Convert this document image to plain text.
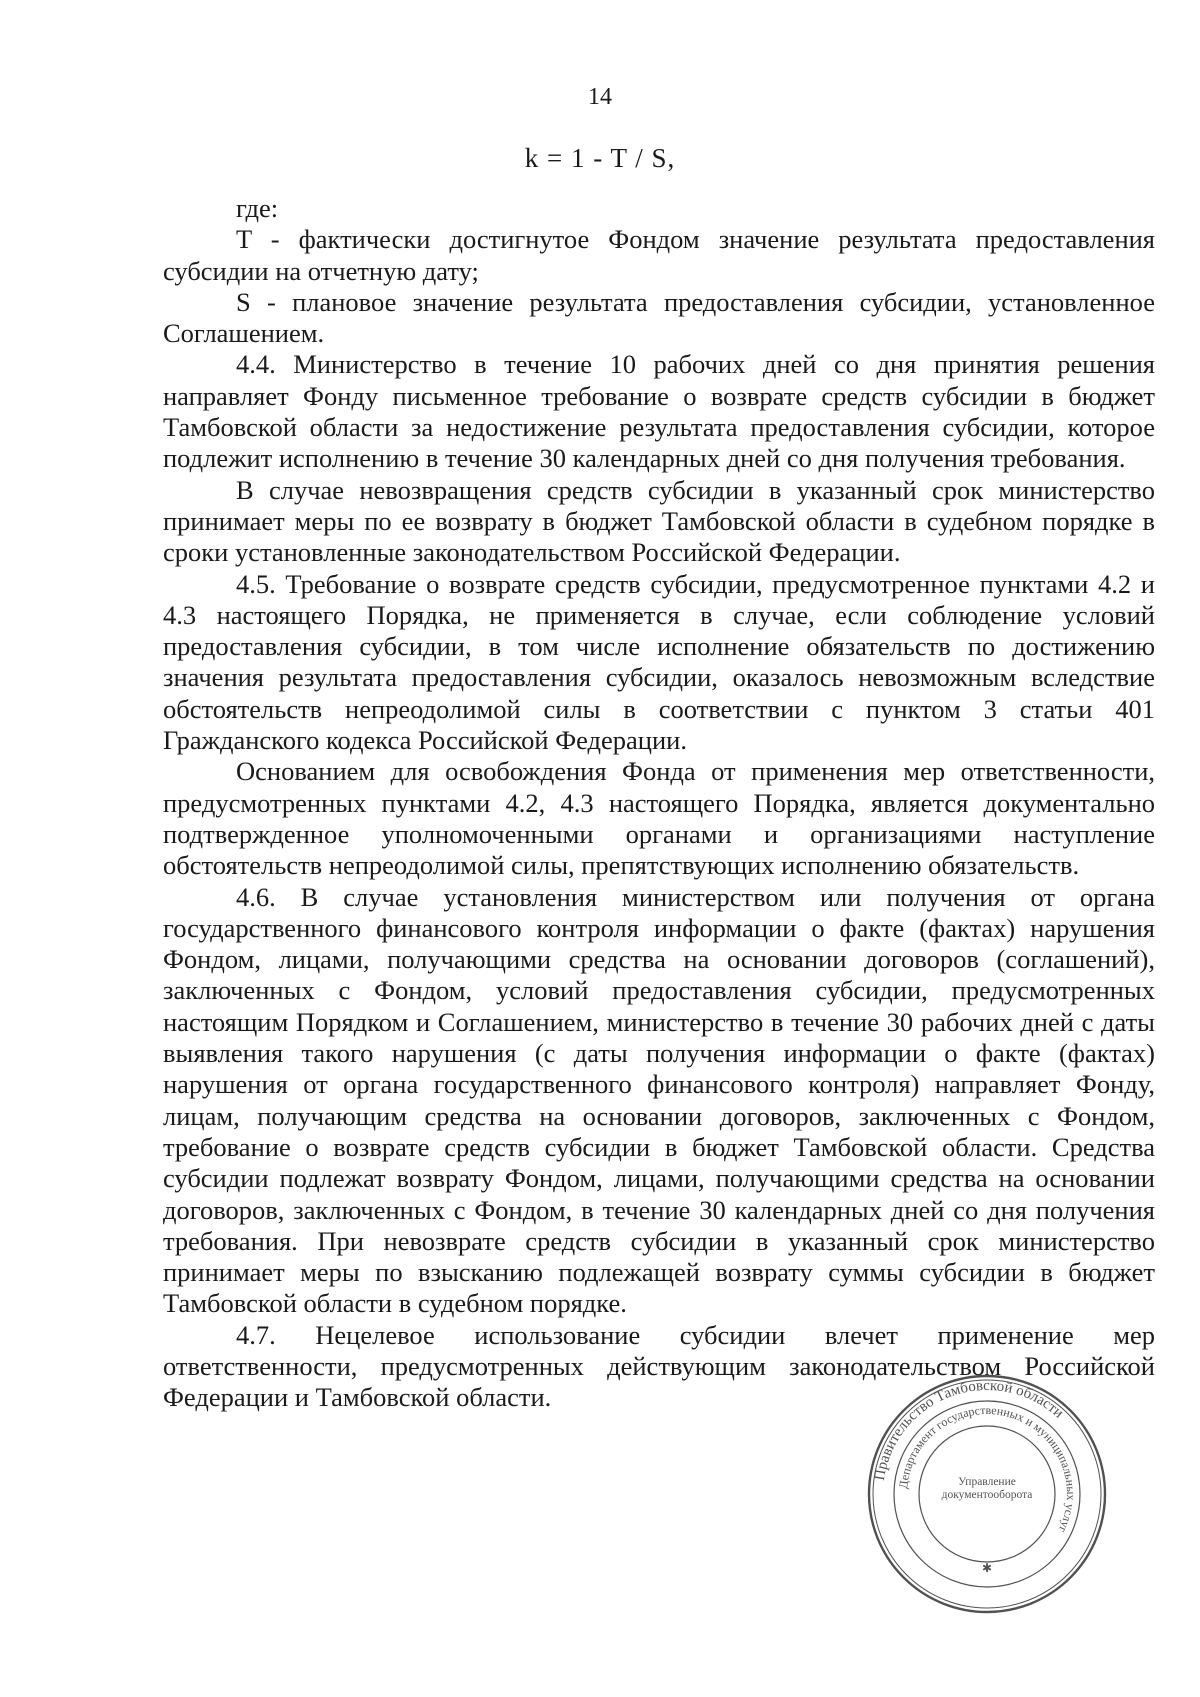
14
k = 1 - T / S,

где:

T - фактически достигнутое Фондом значение результата предоставления субсидии на отчетную дату;

S - плановое значение результата предоставления субсидии, установленное Соглашением.

4.4. Министерство в течение 10 рабочих дней со дня принятия решения направляет Фонду письменное требование о возврате средств субсидии в бюджет Тамбовской области за недостижение результата предоставления субсидии, которое подлежит исполнению в течение 30 календарных дней со дня получения требования.

В случае невозвращения средств субсидии в указанный срок министерство принимает меры по ее возврату в бюджет Тамбовской области в судебном порядке в сроки установленные законодательством Российской Федерации.

4.5. Требование о возврате средств субсидии, предусмотренное пунктами 4.2 и 4.3 настоящего Порядка, не применяется в случае, если соблюдение условий предоставления субсидии, в том числе исполнение обязательств по достижению значения результата предоставления субсидии, оказалось невозможным вследствие обстоятельств непреодолимой силы в соответствии с пунктом 3 статьи 401 Гражданского кодекса Российской Федерации.

Основанием для освобождения Фонда от применения мер ответственности, предусмотренных пунктами 4.2, 4.3 настоящего Порядка, является документально подтвержденное уполномоченными органами и организациями наступление обстоятельств непреодолимой силы, препятствующих исполнению обязательств.

4.6. В случае установления министерством или получения от органа государственного финансового контроля информации о факте (фактах) нарушения Фондом, лицами, получающими средства на основании договоров (соглашений), заключенных с Фондом, условий предоставления субсидии, предусмотренных настоящим Порядком и Соглашением, министерство в течение 30 рабочих дней с даты выявления такого нарушения (с даты получения информации о факте (фактах) нарушения от органа государственного финансового контроля) направляет Фонду, лицам, получающим средства на основании договоров, заключенных с Фондом, требование о возврате средств субсидии в бюджет Тамбовской области. Средства субсидии подлежат возврату Фондом, лицами, получающими средства на основании договоров, заключенных с Фондом, в течение 30 календарных дней со дня получения требования. При невозврате средств субсидии в указанный срок министерство принимает меры по взысканию подлежащей возврату суммы субсидии в бюджет Тамбовской области в судебном порядке.

4.7. Нецелевое использование субсидии влечет применение мер ответственности, предусмотренных действующим законодательством Российской Федерации и Тамбовской области.

Правительство Тамбовской области
Департамент государственных и муниципальных услуг
Управление документооборота
✱
